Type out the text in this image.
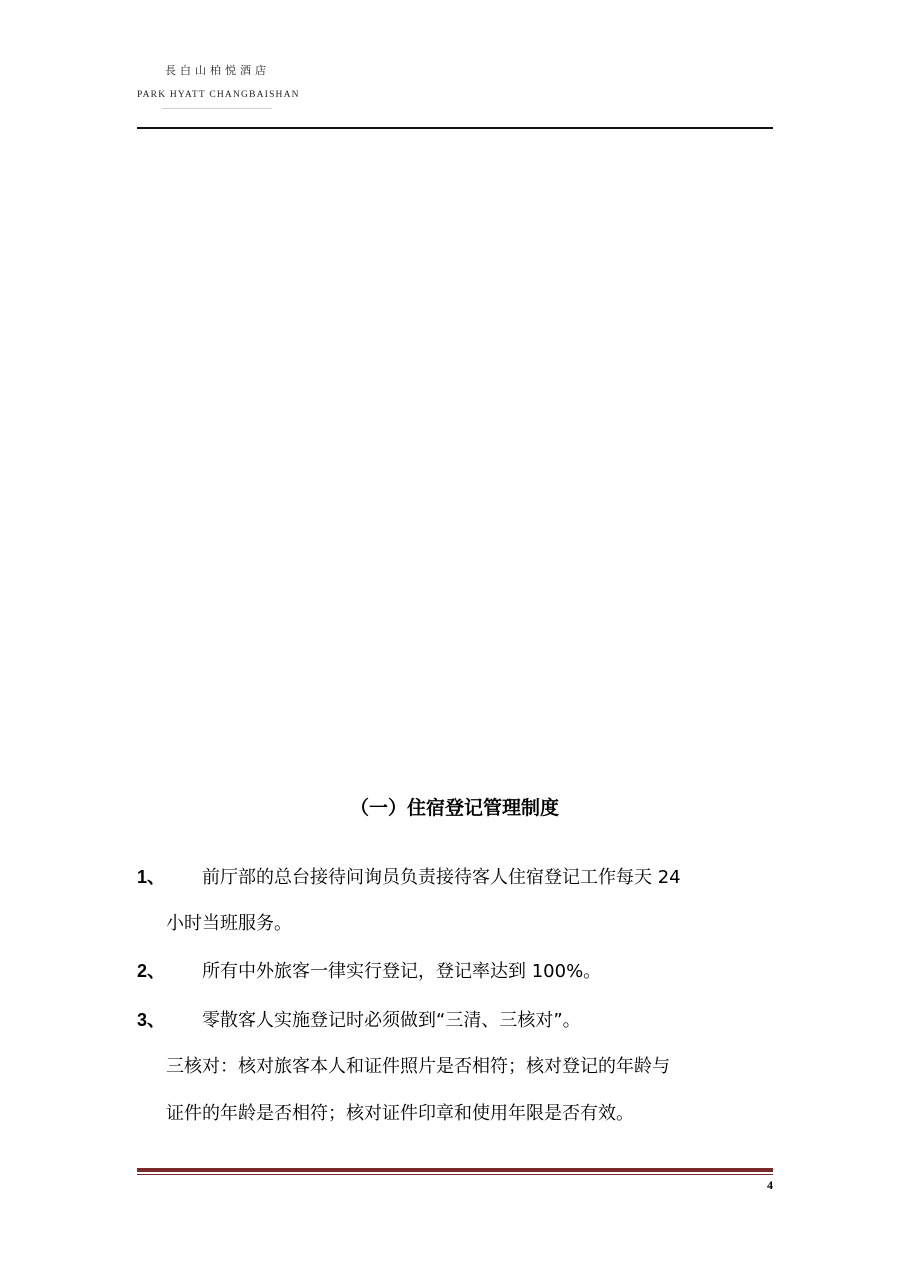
長白山柏悦酒店
PARK HYATT CHANGBAISHAN
（一）住宿登记管理制度
1、 前厅部的总台接待问询员负责接待客人住宿登记工作每天 24
小时当班服务。
2、 所有中外旅客一律实行登记，登记率达到 100%。
3、 零散客人实施登记时必须做到“三清、三核对”。
三核对：核对旅客本人和证件照片是否相符；核对登记的年龄与
证件的年龄是否相符；核对证件印章和使用年限是否有效。
4
